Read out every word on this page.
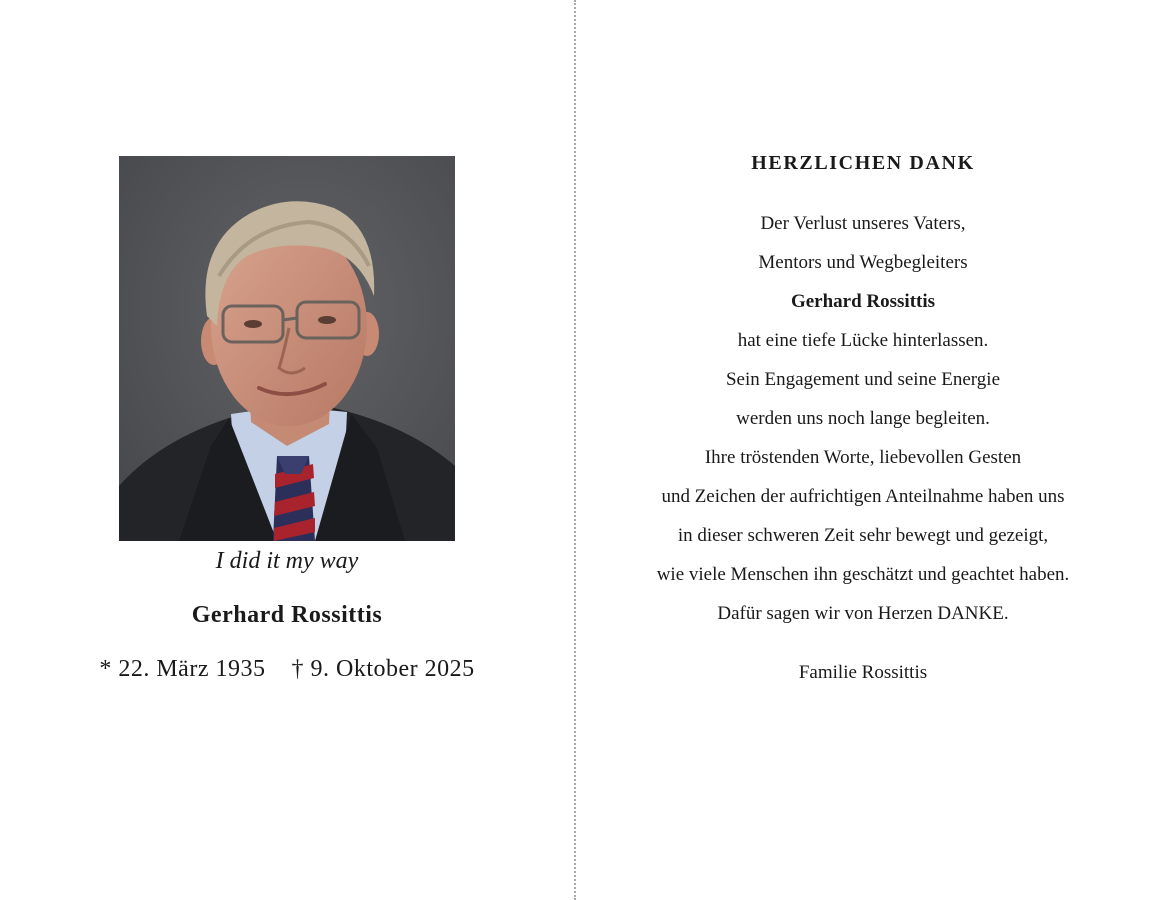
I did it my way

Gerhard Rossittis

* 22. März 1935 † 9. Oktober 2025

HERZLICHEN DANK
Der Verlust unseres Vaters,
Mentors und Wegbegleiters
Gerhard Rossittis
hat eine tiefe Lücke hinterlassen.
Sein Engagement und seine Energie
werden uns noch lange begleiten.
Ihre tröstenden Worte, liebevollen Gesten
und Zeichen der aufrichtigen Anteilnahme haben uns
in dieser schweren Zeit sehr bewegt und gezeigt,
wie viele Menschen ihn geschätzt und geachtet haben.
Dafür sagen wir von Herzen DANKE.

Familie Rossittis
